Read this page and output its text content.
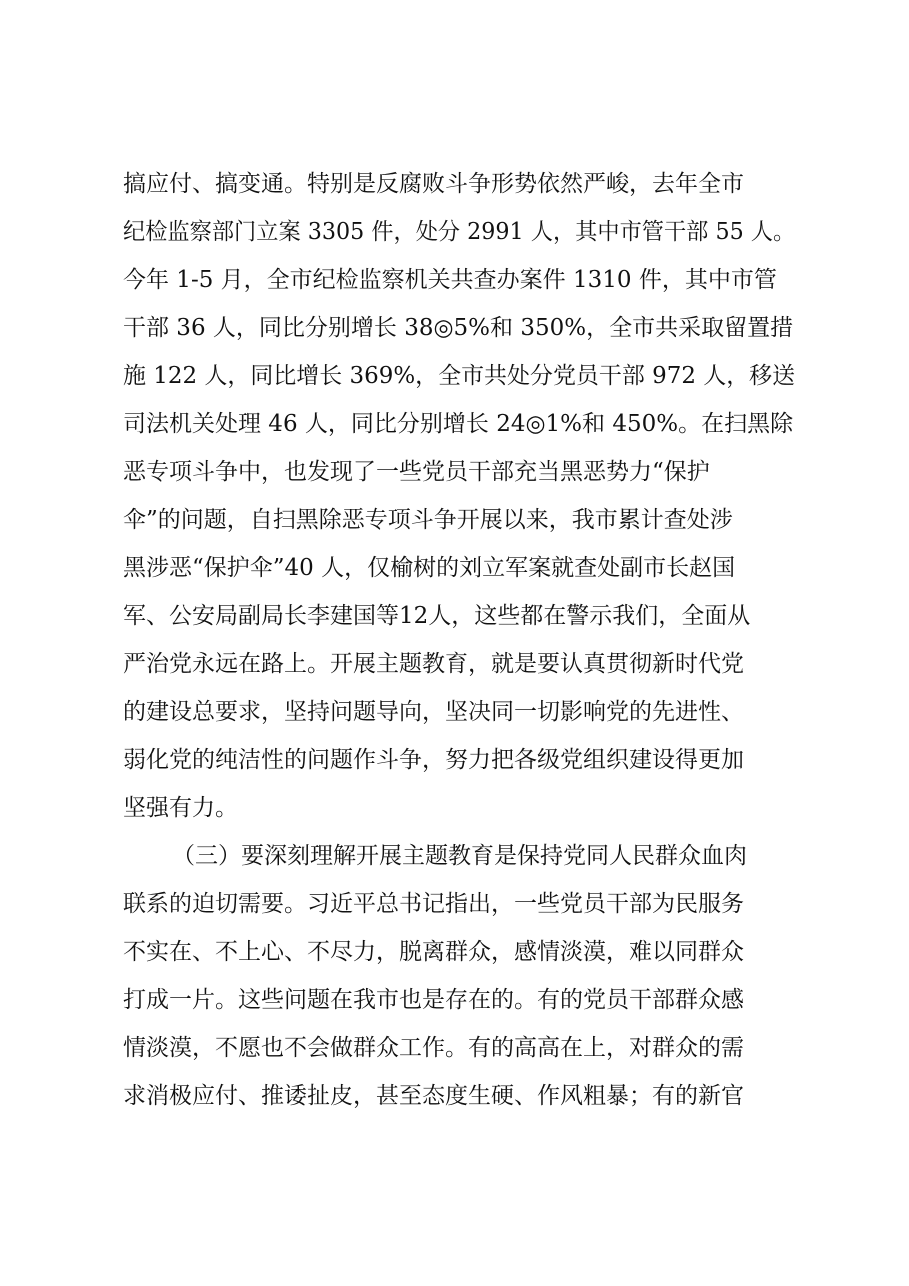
搞应付、搞变通。特别是反腐败斗争形势依然严峻，去年全市
纪检监察部门立案 3305 件，处分 2991 人，其中市管干部 55 人。
今年 1-5 月，全市纪检监察机关共查办案件 1310 件，其中市管
干部 36 人，同比分别增长 38◎5%和 350%，全市共采取留置措
施 122 人，同比增长 369%，全市共处分党员干部 972 人，移送
司法机关处理 46 人，同比分别增长 24◎1%和 450%。在扫黑除
恶专项斗争中，也发现了一些党员干部充当黑恶势力“保护
伞”的问题，自扫黑除恶专项斗争开展以来，我市累计查处涉
黑涉恶“保护伞”40 人，仅榆树的刘立军案就查处副市长赵国
军、公安局副局长李建国等12人，这些都在警示我们，全面从
严治党永远在路上。开展主题教育，就是要认真贯彻新时代党
的建设总要求，坚持问题导向，坚决同一切影响党的先进性、
弱化党的纯洁性的问题作斗争，努力把各级党组织建设得更加
坚强有力。
（三）要深刻理解开展主题教育是保持党同人民群众血肉
联系的迫切需要。习近平总书记指出，一些党员干部为民服务
不实在、不上心、不尽力，脱离群众，感情淡漠，难以同群众
打成一片。这些问题在我市也是存在的。有的党员干部群众感
情淡漠，不愿也不会做群众工作。有的高高在上，对群众的需
求消极应付、推诿扯皮，甚至态度生硬、作风粗暴；有的新官
